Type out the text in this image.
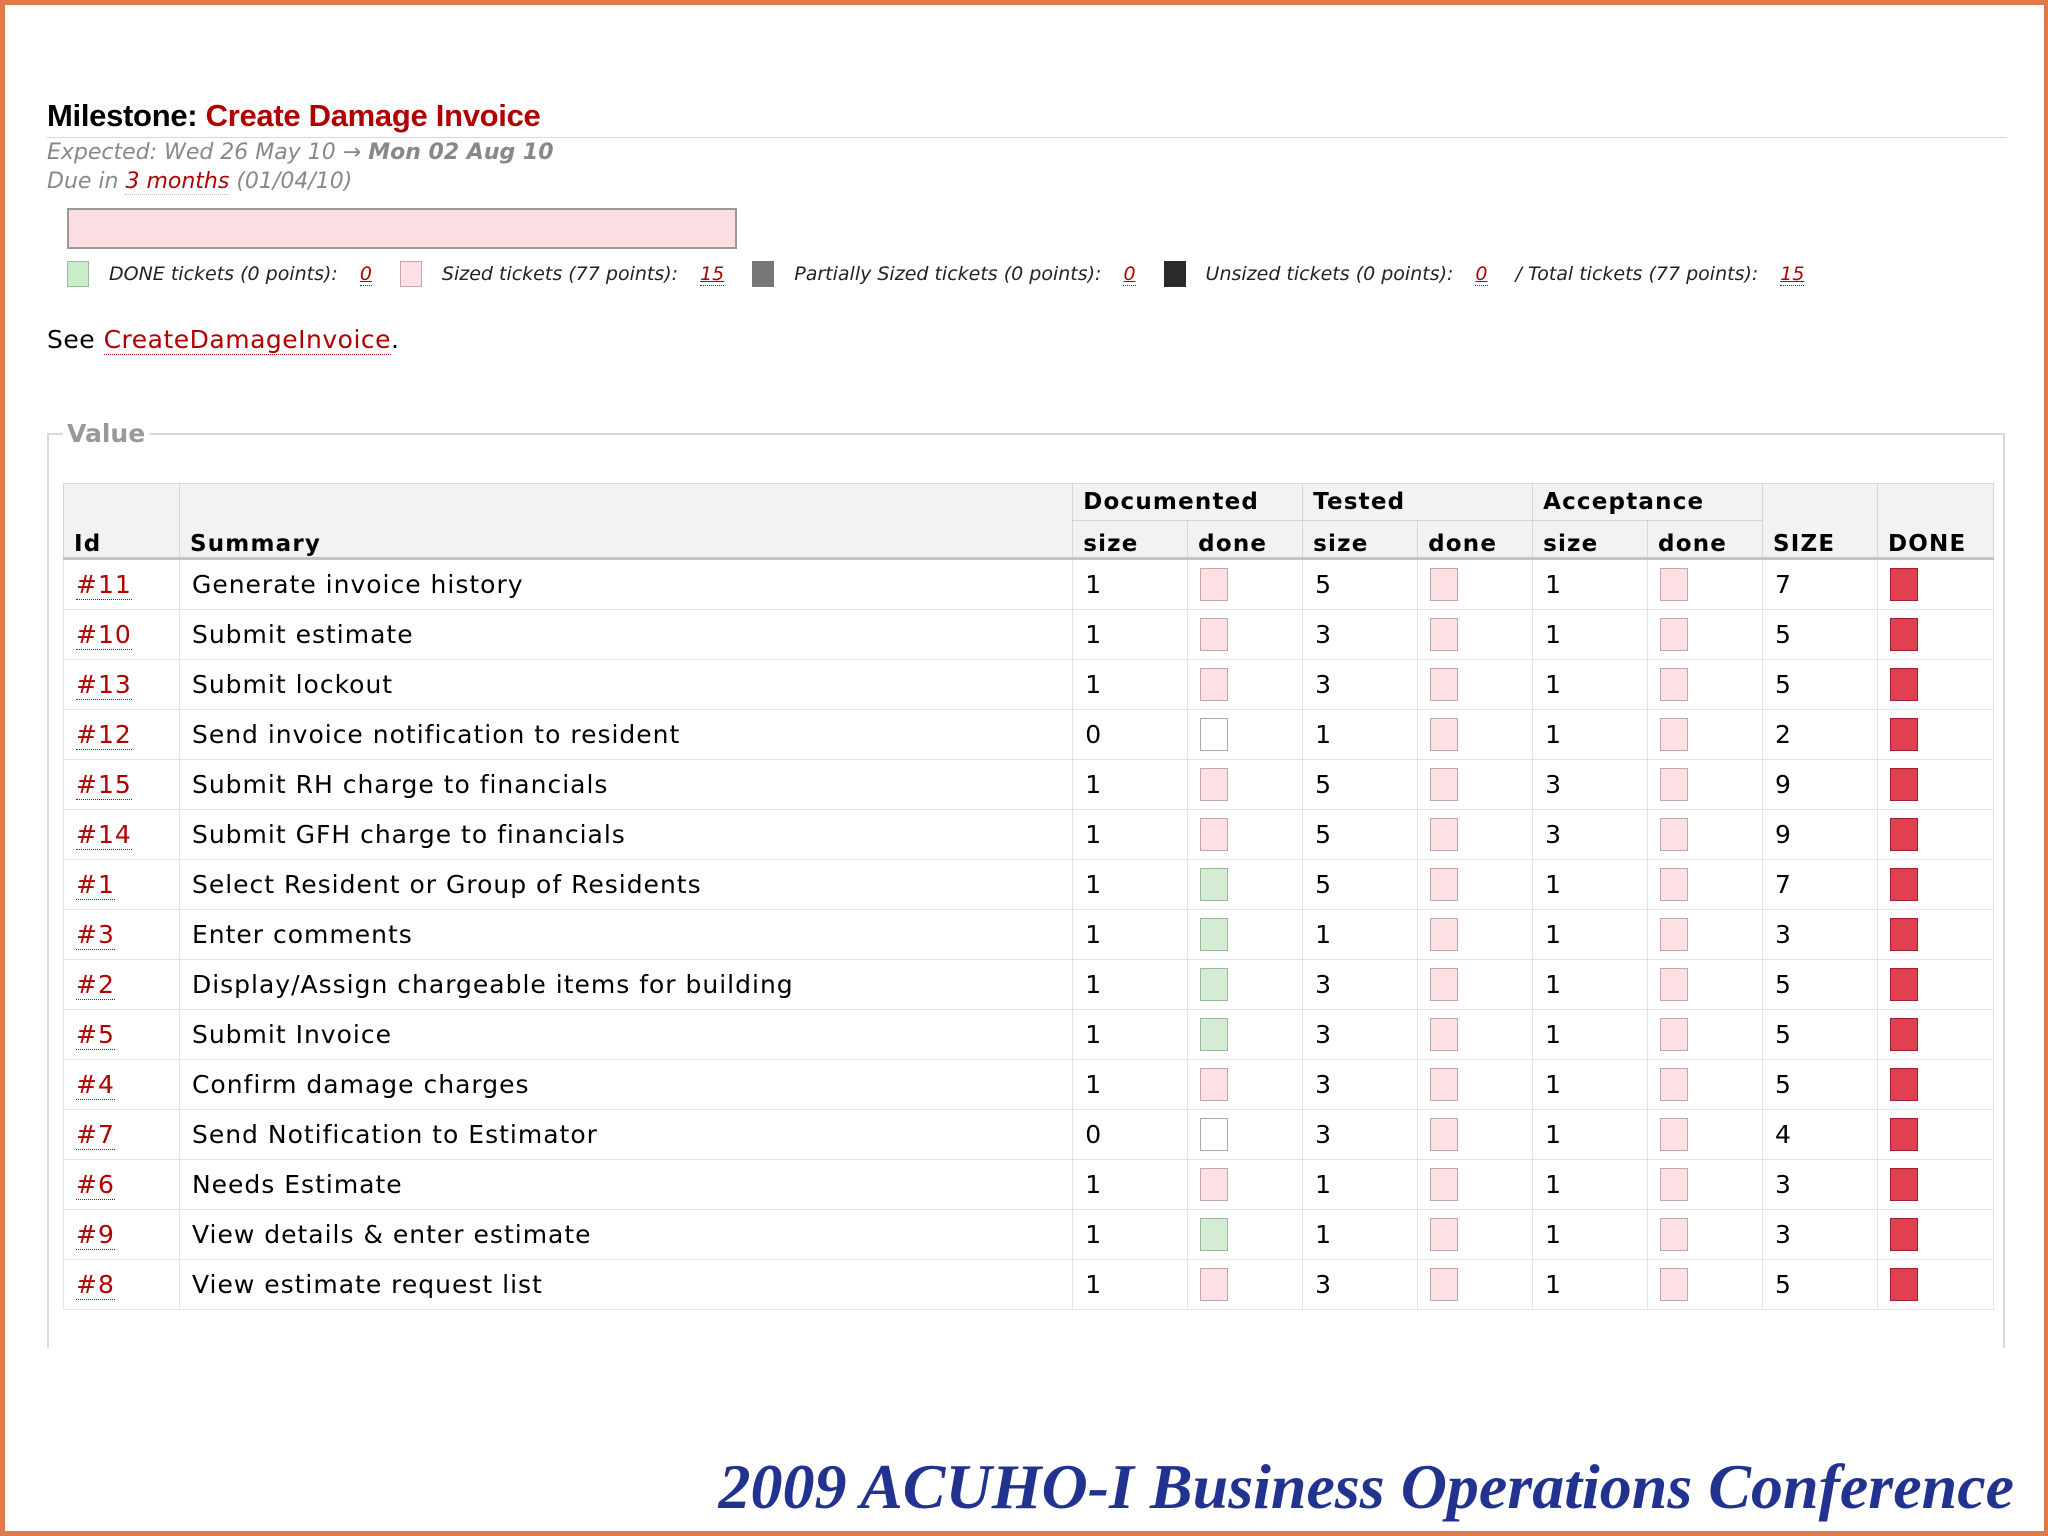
Milestone: Create Damage Invoice
Expected: Wed 26 May 10 → Mon 02 Aug 10
Due in 3 months (01/04/10)
DONE tickets (0 points): 0	Sized tickets (77 points): 15	Partially Sized tickets (0 points): 0	Unsized tickets (0 points): 0 / Total tickets (77 points): 15
See CreateDamageInvoice.
Value
		Documented		Tested		Acceptance			
Id	Summary	size	done	size	done	size	done	SIZE	DONE
#11	Generate invoice history	1		5		1		7	
#10	Submit estimate	1		3		1		5	
#13	Submit lockout	1		3		1		5	
#12	Send invoice notification to resident	0		1		1		2	
#15	Submit RH charge to financials	1		5		3		9	
#14	Submit GFH charge to financials	1		5		3		9	
#1	Select Resident or Group of Residents	1		5		1		7	
#3	Enter comments	1		1		1		3	
#2	Display/Assign chargeable items for building	1		3		1		5	
#5	Submit Invoice	1		3		1		5	
#4	Confirm damage charges	1		3		1		5	
#7	Send Notification to Estimator	0		3		1		4	
#6	Needs Estimate	1		1		1		3	
#9	View details & enter estimate	1		1		1		3	
#8	View estimate request list	1		3		1		5	
2009 ACUHO-I Business Operations Conference
